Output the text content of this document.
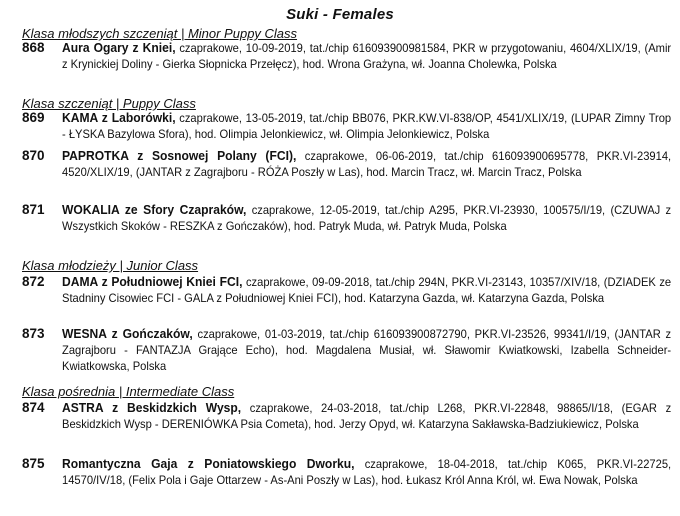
Suki - Females
Klasa młodszych szczeniąt | Minor Puppy Class
868 Aura Ogary z Kniei, czaprakowe, 10-09-2019, tat./chip 616093900981584, PKR w przygotowaniu, 4604/XLIX/19, (Amir z Krynickiej Doliny - Gierka Słopnicka Przełęcz), hod. Wrona Grażyna, wł. Joanna Cholewka, Polska
Klasa szczeniąt | Puppy Class
869 KAMA z Laborówki, czaprakowe, 13-05-2019, tat./chip BB076, PKR.KW.VI-838/OP, 4541/XLIX/19, (LUPAR Zimny Trop - ŁYSKA Bazylowa Sfora), hod. Olimpia Jelonkiewicz, wł. Olimpia Jelonkiewicz, Polska
870 PAPROTKA z Sosnowej Polany (FCI), czaprakowe, 06-06-2019, tat./chip 616093900695778, PKR.VI-23914, 4520/XLIX/19, (JANTAR z Zagrajboru - RÓŻA Poszły w Las), hod. Marcin Tracz, wł. Marcin Tracz, Polska
871 WOKALIA ze Sfory Czapraków, czaprakowe, 12-05-2019, tat./chip A295, PKR.VI-23930, 100575/I/19, (CZUWAJ z Wszystkich Skoków - RESZKA z Gończaków), hod. Patryk Muda, wł. Patryk Muda, Polska
Klasa młodzieży | Junior Class
872 DAMA z Południowej Kniei FCI, czaprakowe, 09-09-2018, tat./chip 294N, PKR.VI-23143, 10357/XIV/18, (DZIADEK ze Stadniny Cisowiec FCI - GALA z Południowej Kniei FCI), hod. Katarzyna Gazda, wł. Katarzyna Gazda, Polska
873 WESNA z Gończaków, czaprakowe, 01-03-2019, tat./chip 616093900872790, PKR.VI-23526, 99341/I/19, (JANTAR z Zagrajboru - FANTAZJA Grające Echo), hod. Magdalena Musiał, wł. Sławomir Kwiatkowski, Izabella Schneider-Kwiatkowska, Polska
Klasa pośrednia | Intermediate Class
874 ASTRA z Beskidzkich Wysp, czaprakowe, 24-03-2018, tat./chip L268, PKR.VI-22848, 98865/I/18, (EGAR z Beskidzkich Wysp - DERENIÓWKA Psia Cometa), hod. Jerzy Opyd, wł. Katarzyna Sakławska-Badziukiewicz, Polska
875 Romantyczna Gaja z Poniatowskiego Dworku, czaprakowe, 18-04-2018, tat./chip K065, PKR.VI-22725, 14570/IV/18, (Felix Pola i Gaje Ottarzew - As-Ani Poszły w Las), hod. Łukasz Król Anna Król, wł. Ewa Nowak, Polska
